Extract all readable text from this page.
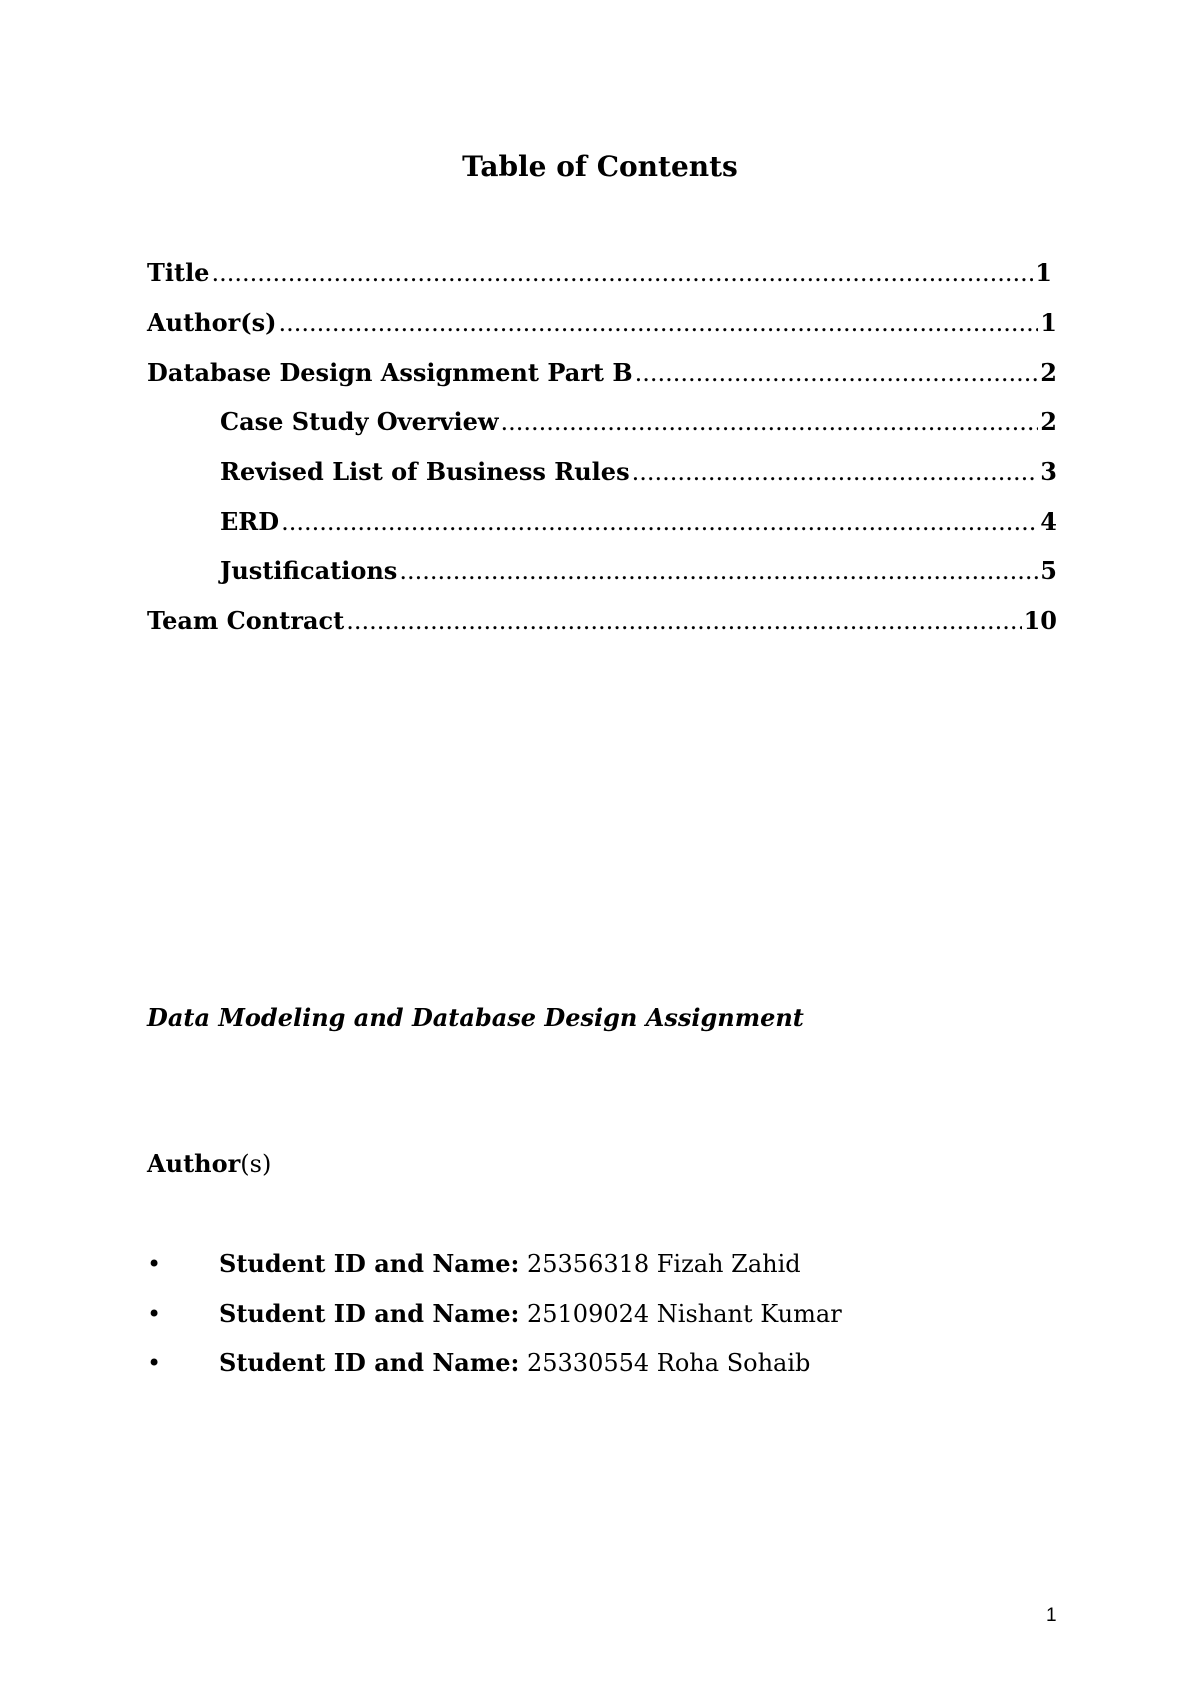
Table of Contents
Title .....	1
Author(s) .....	1
Database Design Assignment Part B .....	2
Case Study Overview .....	2
Revised List of Business Rules .....	3
ERD .....	4
Justifications .....	5
Team Contract .....	10
Data Modeling and Database Design Assignment
Author(s)
• Student ID and Name: 25356318 Fizah Zahid
• Student ID and Name: 25109024 Nishant Kumar
• Student ID and Name: 25330554 Roha Sohaib
1
